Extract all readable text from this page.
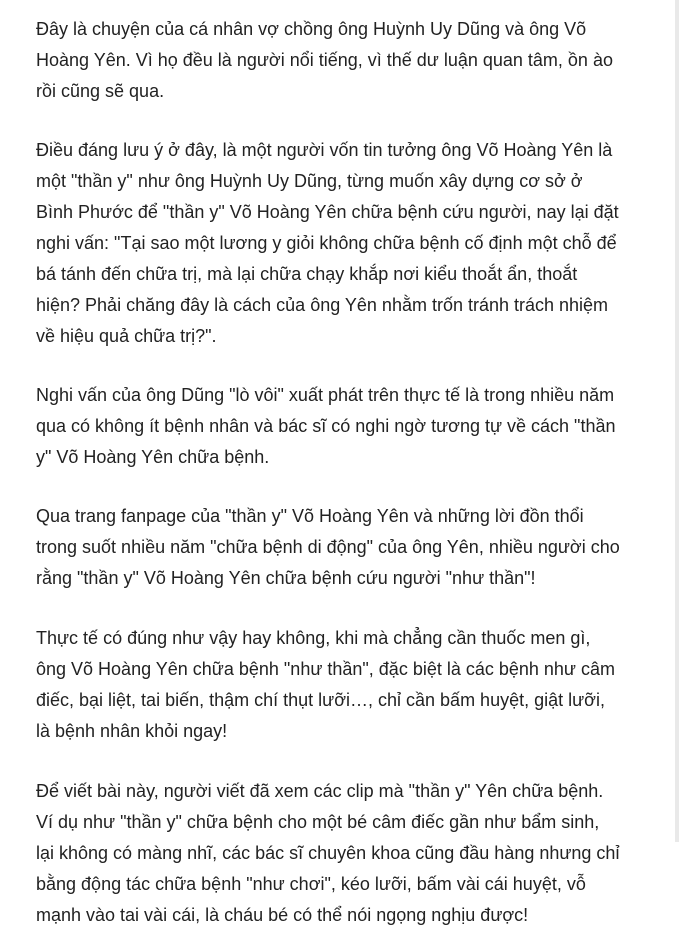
Đây là chuyện của cá nhân vợ chồng ông Huỳnh Uy Dũng và ông Võ
Hoàng Yên. Vì họ đều là người nổi tiếng, vì thế dư luận quan tâm, ồn ào
rồi cũng sẽ qua.
Điều đáng lưu ý ở đây, là một người vốn tin tưởng ông Võ Hoàng Yên là
một "thần y" như ông Huỳnh Uy Dũng, từng muốn xây dựng cơ sở ở
Bình Phước để "thần y" Võ Hoàng Yên chữa bệnh cứu người, nay lại đặt
nghi vấn: "Tại sao một lương y giỏi không chữa bệnh cố định một chỗ để
bá tánh đến chữa trị, mà lại chữa chạy khắp nơi kiểu thoắt ẩn, thoắt
hiện? Phải chăng đây là cách của ông Yên nhằm trốn tránh trách nhiệm
về hiệu quả chữa trị?".
Nghi vấn của ông Dũng "lò vôi" xuất phát trên thực tế là trong nhiều năm
qua có không ít bệnh nhân và bác sĩ có nghi ngờ tương tự về cách "thần
y" Võ Hoàng Yên chữa bệnh.
Qua trang fanpage của "thần y" Võ Hoàng Yên và những lời đồn thổi
trong suốt nhiều năm "chữa bệnh di động" của ông Yên, nhiều người cho
rằng "thần y" Võ Hoàng Yên chữa bệnh cứu người "như thần"!
Thực tế có đúng như vậy hay không, khi mà chẳng cần thuốc men gì,
ông Võ Hoàng Yên chữa bệnh "như thần", đặc biệt là các bệnh như câm
điếc, bại liệt, tai biến, thậm chí thụt lưỡi…, chỉ cần bấm huyệt, giật lưỡi,
là bệnh nhân khỏi ngay!
Để viết bài này, người viết đã xem các clip mà "thần y" Yên chữa bệnh.
Ví dụ như "thần y" chữa bệnh cho một bé câm điếc gần như bẩm sinh,
lại không có màng nhĩ, các bác sĩ chuyên khoa cũng đầu hàng nhưng chỉ
bằng động tác chữa bệnh "như chơi", kéo lưỡi, bấm vài cái huyệt, vỗ
mạnh vào tai vài cái, là cháu bé có thể nói ngọng nghịu được!
